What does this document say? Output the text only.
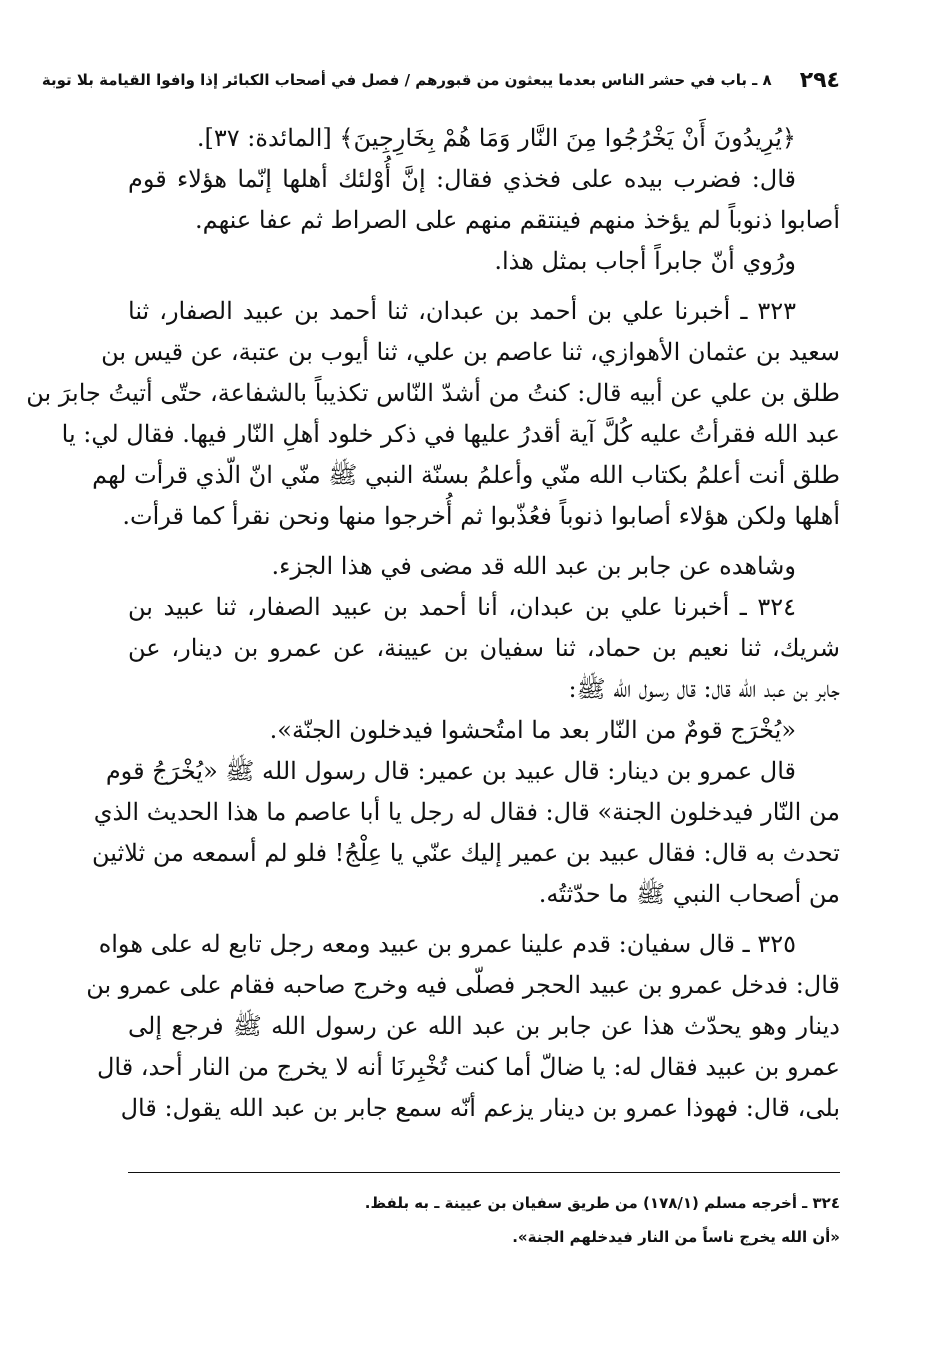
٢٩٤
٨ ـ باب في حشر الناس بعدما يبعثون من قبورهم / فصل في أصحاب الكبائر إذا وافوا القيامة بلا توبة
﴿يُرِيدُونَ أَنْ يَخْرُجُوا مِنَ النَّار وَمَا هُمْ بِخَارِجِينَ﴾ [المائدة: ٣٧].
قال: فضرب بيده على فخذي فقال: إنَّ أُوْلئك أهلها إنّما هؤلاء قوم
أصابوا ذنوباً لم يؤخذ منهم فينتقم منهم على الصراط ثم عفا عنهم.
ورُوي أنّ جابراً أجاب بمثل هذا.
٣٢٣ ـ أخبرنا علي بن أحمد بن عبدان، ثنا أحمد بن عبيد الصفار، ثنا
سعيد بن عثمان الأهوازي، ثنا عاصم بن علي، ثنا أيوب بن عتبة، عن قيس بن
طلق بن علي عن أبيه قال: كنتُ من أشدّ النّاس تكذيباً بالشفاعة، حتّى أتيتُ جابرَ بن
عبد الله فقرأتُ عليه كُلَّ آية أقدرُ عليها في ذكر خلود أهلِ النّار فيها. فقال لي: يا
طلق أنت أعلمُ بكتاب الله منّي وأعلمُ بسنّة النبي ﷺ منّي انّ الّذي قرأت لهم
أهلها ولكن هؤلاء أصابوا ذنوباً فعُذّبوا ثم أُخرجوا منها ونحن نقرأ كما قرأت.
وشاهده عن جابر بن عبد الله قد مضى في هذا الجزء.
٣٢٤ ـ أخبرنا علي بن عبدان، أنا أحمد بن عبيد الصفار، ثنا عبيد بن
شريك، ثنا نعيم بن حماد، ثنا سفيان بن عيينة، عن عمرو بن دينار، عن
جابر بن عبد الله قال: قال رسول الله ﷺ:
«يُخْرَج قومٌ من النّار بعد ما امتُحشوا فيدخلون الجنّة».
قال عمرو بن دينار: قال عبيد بن عمير: قال رسول الله ﷺ «يُخْرَجُ قوم
من النّار فيدخلون الجنة» قال: فقال له رجل يا أبا عاصم ما هذا الحديث الذي
تحدث به قال: فقال عبيد بن عمير إليك عنّي يا عِلْجُ! فلو لم أسمعه من ثلاثين
من أصحاب النبي ﷺ ما حدّثتُه.
٣٢٥ ـ قال سفيان: قدم علينا عمرو بن عبيد ومعه رجل تابع له على هواه
قال: فدخل عمرو بن عبيد الحجر فصلّى فيه وخرج صاحبه فقام على عمرو بن
دينار وهو يحدّث هذا عن جابر بن عبد الله عن رسول الله ﷺ فرجع إلى
عمرو بن عبيد فقال له: يا ضالّ أما كنت تُخْبِرنَا أنه لا يخرج من النار أحد، قال
بلى، قال: فهوذا عمرو بن دينار يزعم أنّه سمع جابر بن عبد الله يقول: قال
٣٢٤ ـ أخرجه مسلم (١٧٨/١) من طريق سفيان بن عيينة ـ به بلفظ.
«أن الله يخرج ناساً من النار فيدخلهم الجنة».
